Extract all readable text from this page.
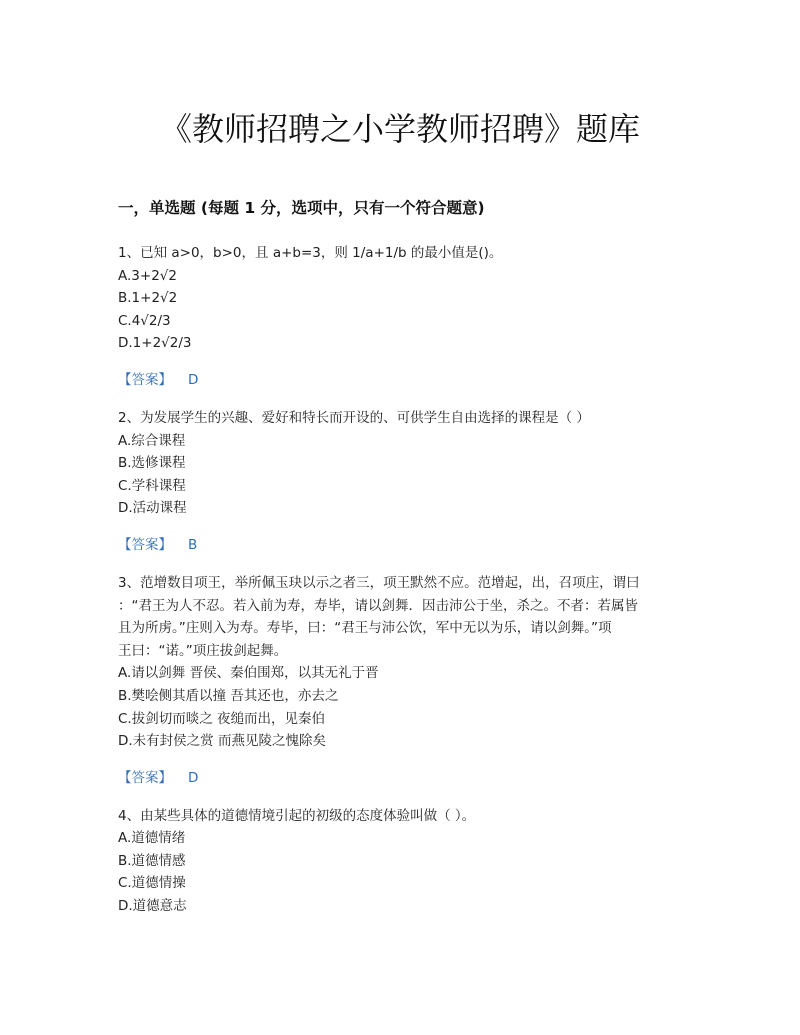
《教师招聘之小学教师招聘》题库
一，单选题 (每题 1 分，选项中，只有一个符合题意)

1、已知 a>0，b>0，且 a+b=3，则 1/a+1/b 的最小值是()。

A.3+2√2

B.1+2√2

C.4√2/3

D.1+2√2/3

【答案】 D

2、为发展学生的兴趣、爱好和特长而开设的、可供学生自由选择的课程是（ ）

A.综合课程

B.选修课程

C.学科课程

D.活动课程

【答案】 B

3、范增数目项王，举所佩玉玦以示之者三，项王默然不应。范增起，出，召项庄，谓曰

：“君王为人不忍。若入前为寿，寿毕，请以剑舞．因击沛公于坐，杀之。不者：若属皆

且为所虏。”庄则入为寿。寿毕，曰：“君王与沛公饮，军中无以为乐，请以剑舞。”项

王曰：“诺。”项庄拔剑起舞。

A.请以剑舞 晋侯、秦伯围郑，以其无礼于晋

B.樊哙侧其盾以撞 吾其还也，亦去之

C.拔剑切而啖之 夜缒而出，见秦伯

D.未有封侯之赏 而燕见陵之愧除矣

【答案】 D

4、由某些具体的道德情境引起的初级的态度体验叫做（ ）。

A.道德情绪

B.道德情感

C.道德情操

D.道德意志
